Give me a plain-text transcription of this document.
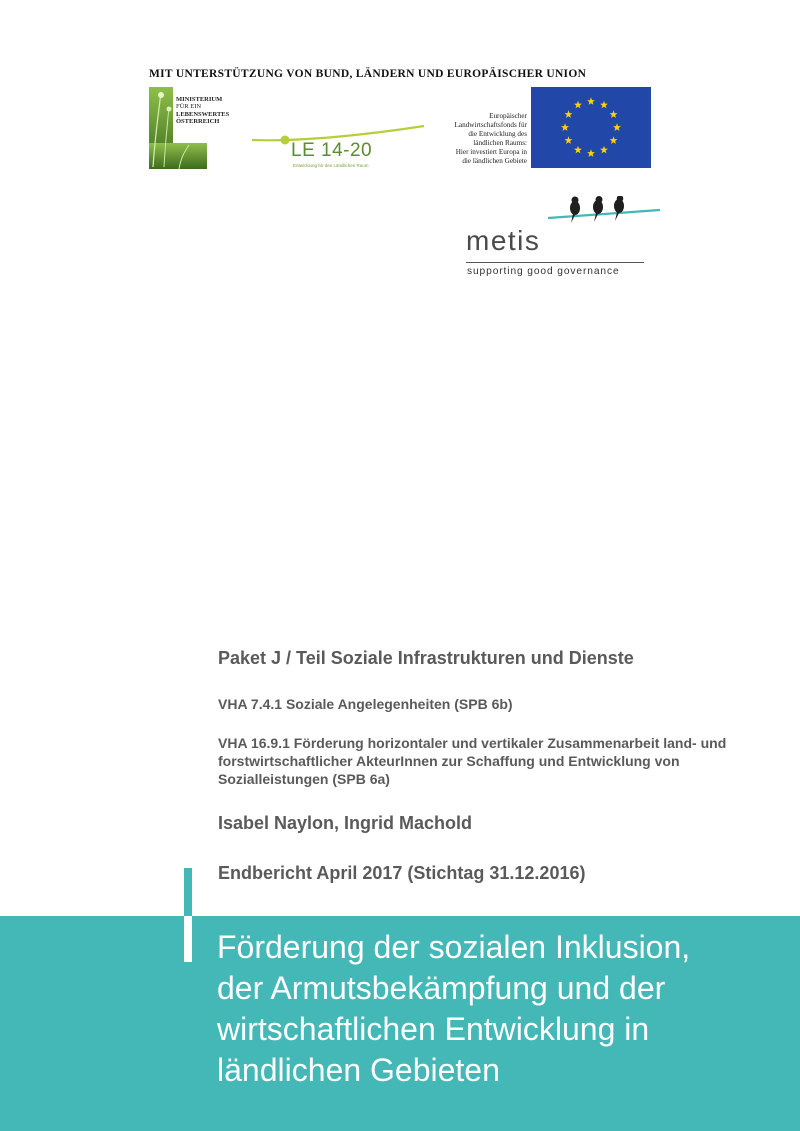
MIT UNTERSTÜTZUNG VON BUND, LÄNDERN UND EUROPÄISCHER UNION
MINISTERIUM
FÜR EIN
LEBENSWERTES
ÖSTERREICH
LE 14-20
Entwicklung für den Ländlichen Raum
Europäischer
Landwirtschaftsfonds für
die Entwicklung des
ländlichen Raums:
Hier investiert Europa in
die ländlichen Gebiete
metis
supporting good governance
Paket J / Teil Soziale Infrastrukturen und Dienste
VHA 7.4.1 Soziale Angelegenheiten (SPB 6b)
VHA 16.9.1 Förderung horizontaler und vertikaler Zusammenarbeit land- und forstwirtschaftlicher AkteurInnen zur Schaffung und Entwicklung von Sozialleistungen (SPB 6a)
Isabel Naylon, Ingrid Machold
Endbericht April 2017 (Stichtag 31.12.2016)
Förderung der sozialen Inklusion,
der Armutsbekämpfung und der
wirtschaftlichen Entwicklung in
ländlichen Gebieten
